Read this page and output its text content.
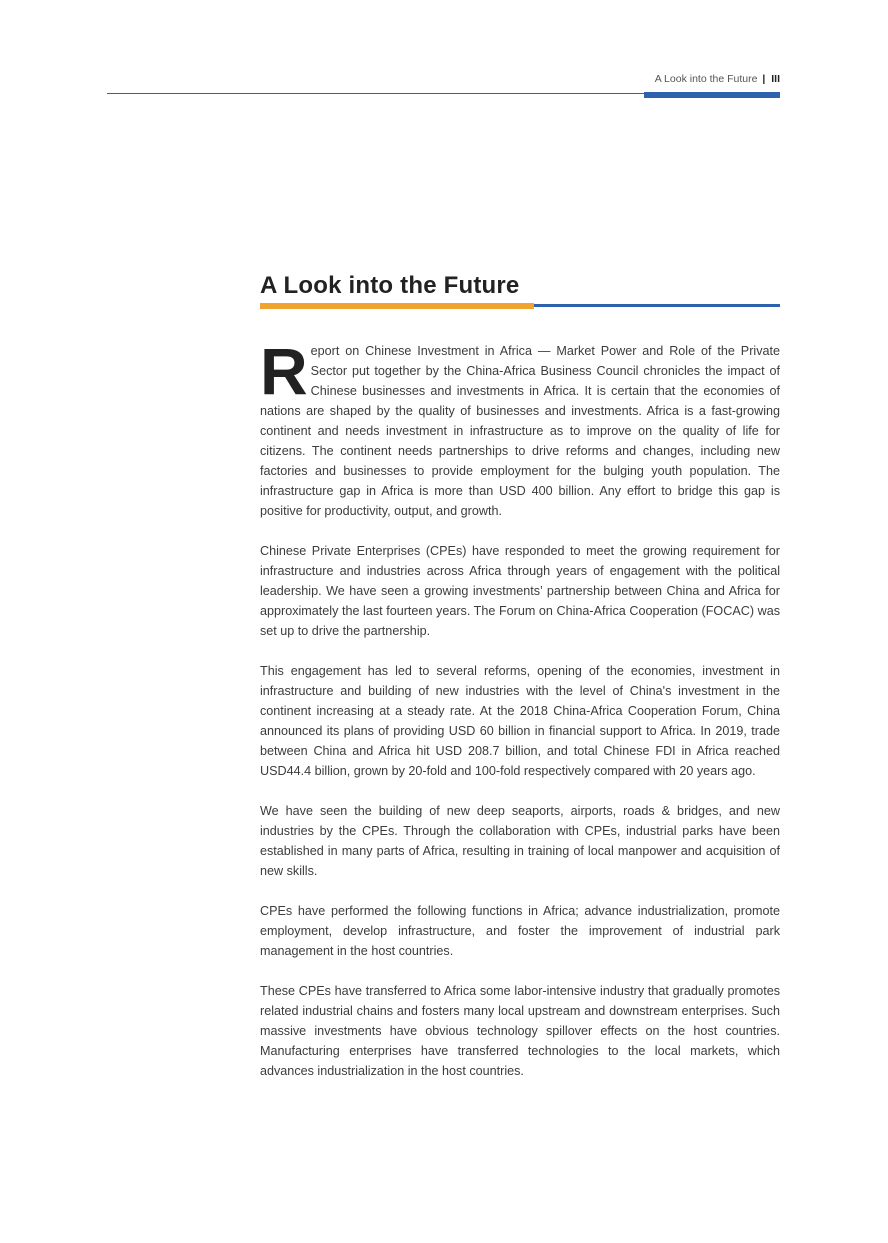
A Look into the Future | III
A Look into the Future

Report on Chinese Investment in Africa — Market Power and Role of the Private Sector put together by the China-Africa Business Council chronicles the impact of Chinese businesses and investments in Africa. It is certain that the economies of nations are shaped by the quality of businesses and investments. Africa is a fast-growing continent and needs investment in infrastructure as to improve on the quality of life for citizens. The continent needs partnerships to drive reforms and changes, including new factories and businesses to provide employment for the bulging youth population. The infrastructure gap in Africa is more than USD 400 billion. Any effort to bridge this gap is positive for productivity, output, and growth.

Chinese Private Enterprises (CPEs) have responded to meet the growing requirement for infrastructure and industries across Africa through years of engagement with the political leadership. We have seen a growing investments’ partnership between China and Africa for approximately the last fourteen years. The Forum on China-Africa Cooperation (FOCAC) was set up to drive the partnership.

This engagement has led to several reforms, opening of the economies, investment in infrastructure and building of new industries with the level of China's investment in the continent increasing at a steady rate. At the 2018 China-Africa Cooperation Forum, China announced its plans of providing USD 60 billion in financial support to Africa. In 2019, trade between China and Africa hit USD 208.7 billion, and total Chinese FDI in Africa reached USD44.4 billion, grown by 20-fold and 100-fold respectively compared with 20 years ago.

We have seen the building of new deep seaports, airports, roads & bridges, and new industries by the CPEs. Through the collaboration with CPEs, industrial parks have been established in many parts of Africa, resulting in training of local manpower and acquisition of new skills.

CPEs have performed the following functions in Africa; advance industrialization, promote employment, develop infrastructure, and foster the improvement of industrial park management in the host countries.

These CPEs have transferred to Africa some labor-intensive industry that gradually promotes related industrial chains and fosters many local upstream and downstream enterprises. Such massive investments have obvious technology spillover effects on the host countries. Manufacturing enterprises have transferred technologies to the local markets, which advances industrialization in the host countries.
